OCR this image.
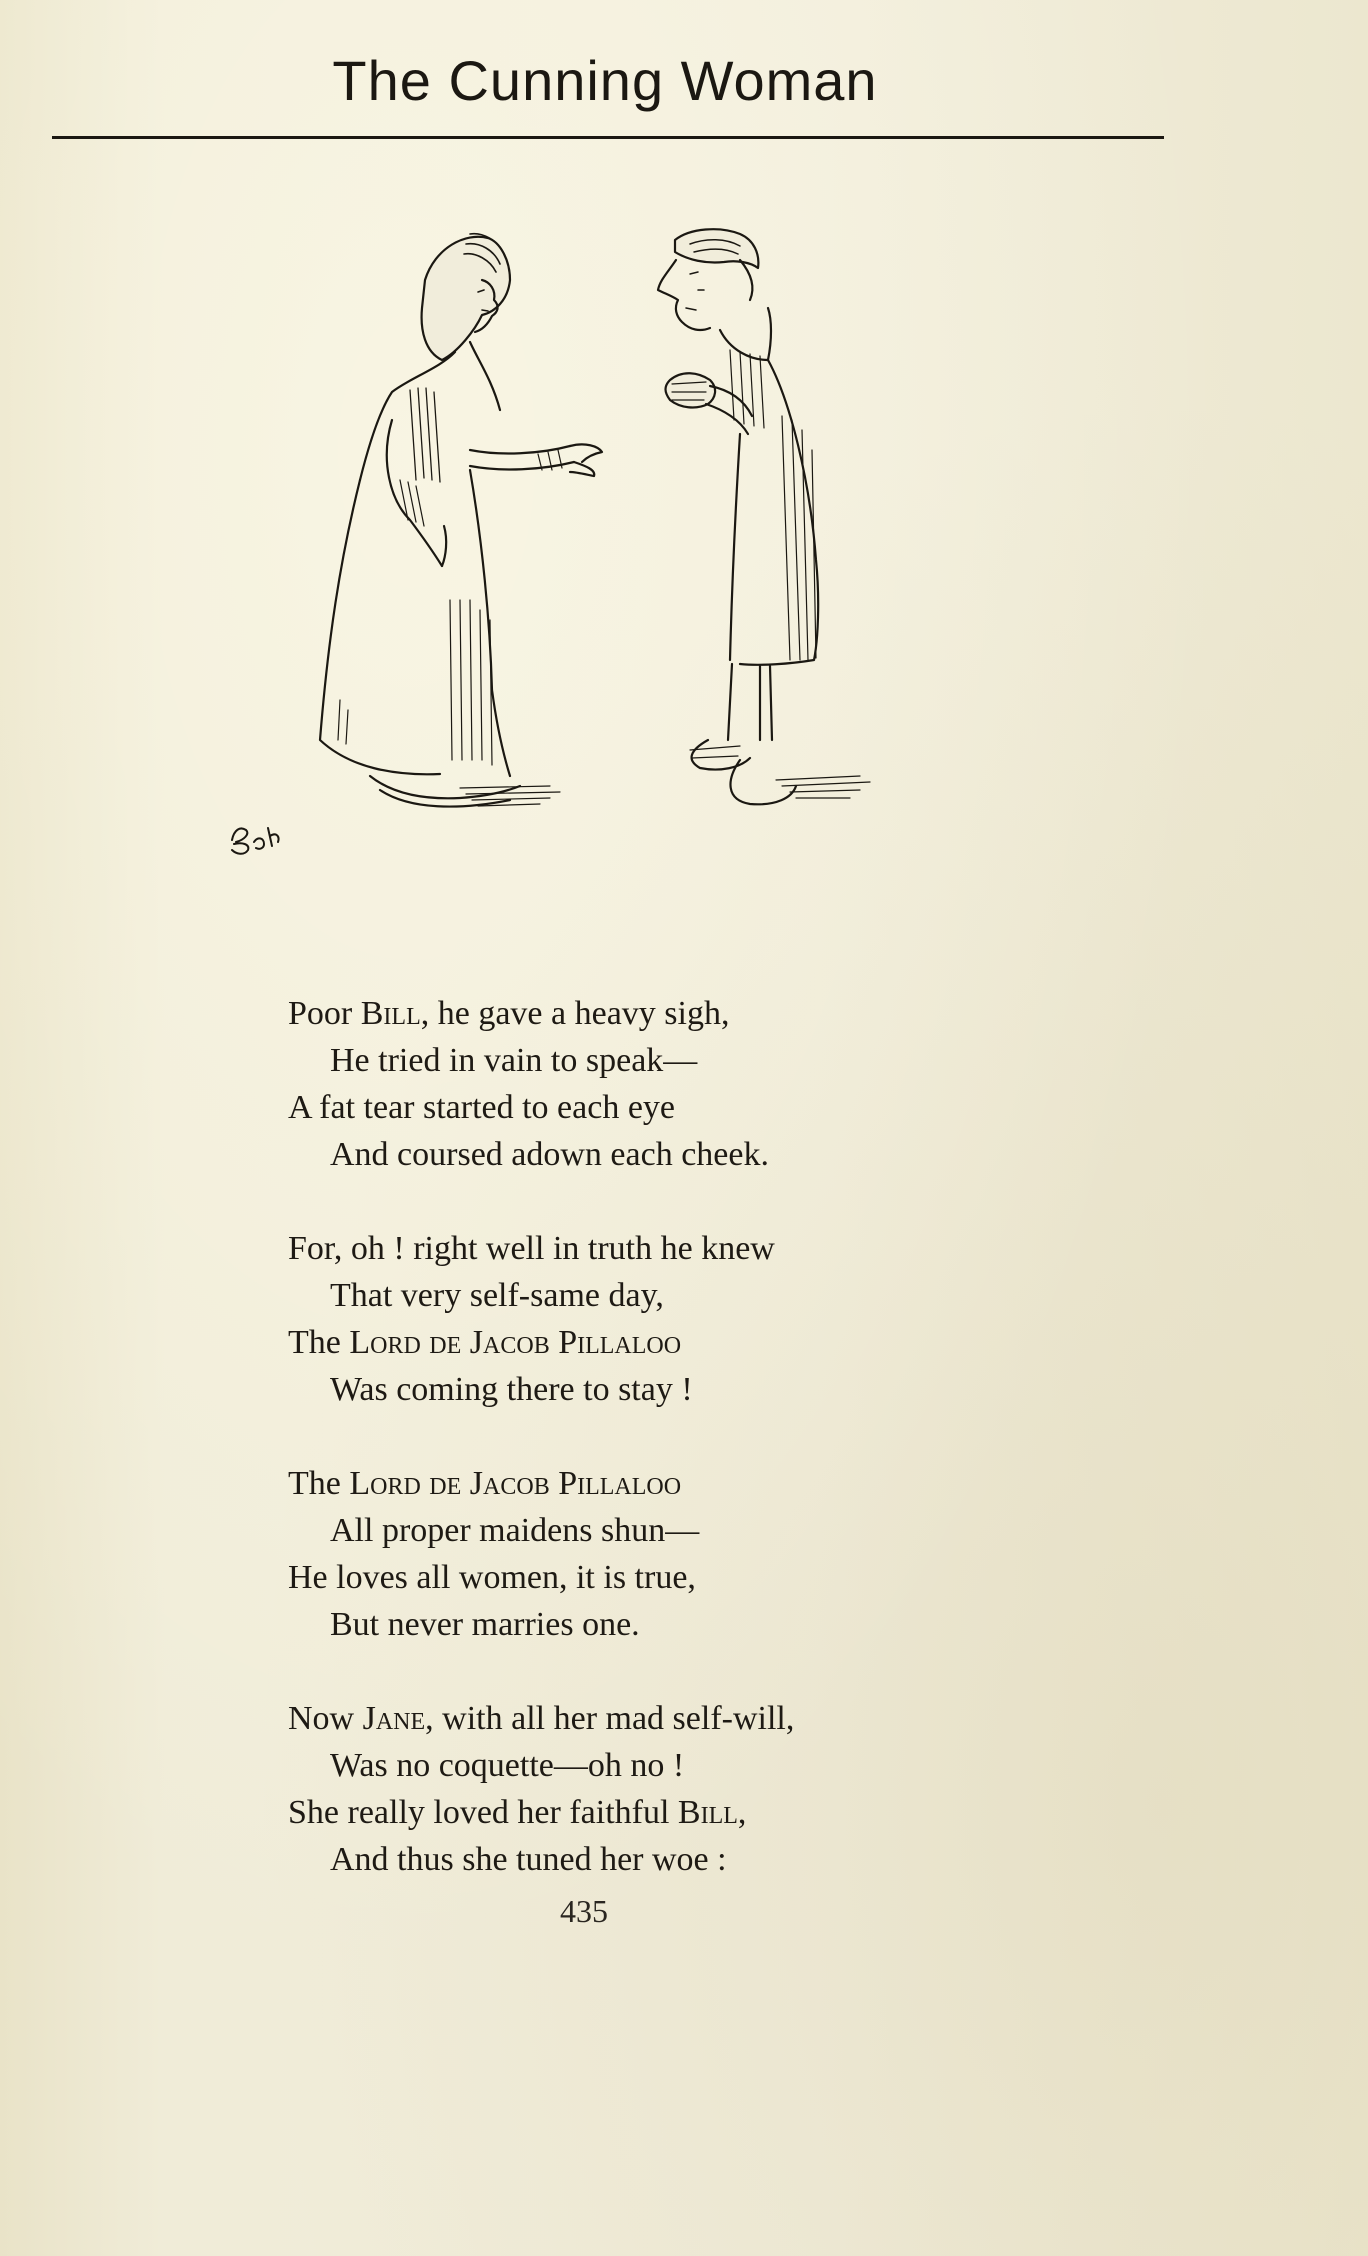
The Cunning Woman
Poor Bill, he gave a heavy sigh,
He tried in vain to speak—
A fat tear started to each eye
And coursed adown each cheek.
For, oh ! right well in truth he knew
That very self-same day,
The Lord de Jacob Pillaloo
Was coming there to stay !
The Lord de Jacob Pillaloo
All proper maidens shun—
He loves all women, it is true,
But never marries one.
Now Jane, with all her mad self-will,
Was no coquette—oh no !
She really loved her faithful Bill,
And thus she tuned her woe :
435
